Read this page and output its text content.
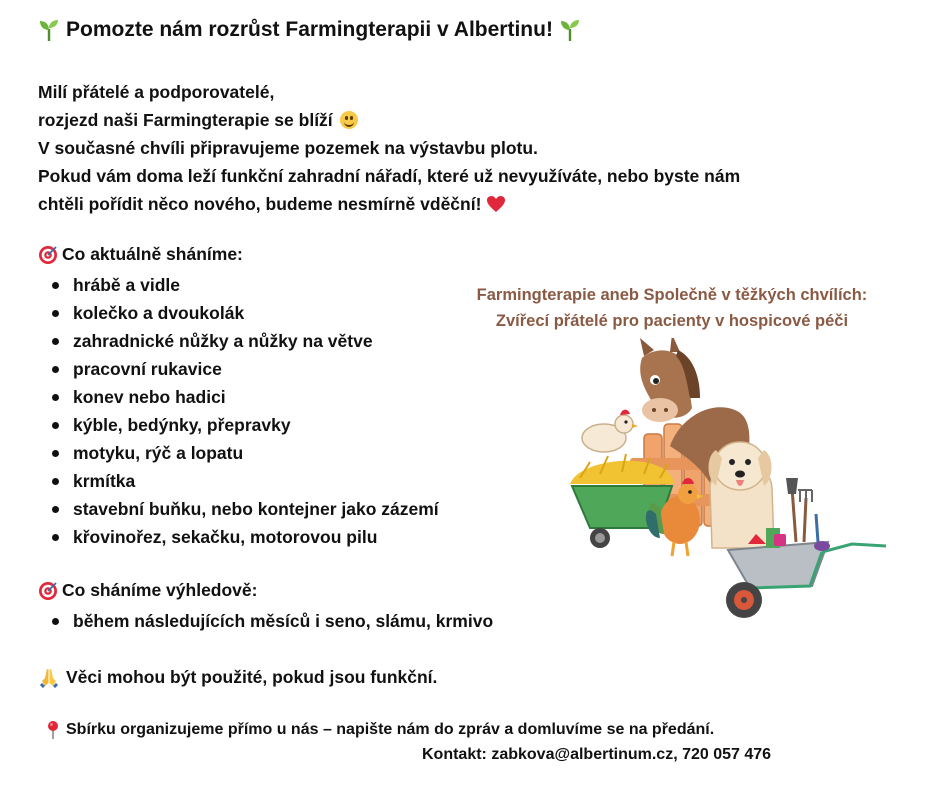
Pomozte nám rozrůst Farmingterapii v Albertinu!
Milí přátelé a podporovatelé,
rozjezd naši Farmingterapie se blíží
V současné chvíli připravujeme pozemek na výstavbu plotu.
Pokud vám doma leží funkční zahradní nářadí, které už nevyužíváte, nebo byste nám
chtěli pořídit něco nového, budeme nesmírně vděční!
Co aktuálně sháníme:
hrábě a vidle
kolečko a dvoukolák
zahradnické nůžky a nůžky na větve
pracovní rukavice
konev nebo hadici
kýble, bedýnky, přepravky
motyku, rýč a lopatu
krmítka
stavební buňku, nebo kontejner jako zázemí
křovinořez, sekačku, motorovou pilu
Co sháníme výhledově:
během následujících měsíců i seno, slámu, krmivo
Věci mohou být použité, pokud jsou funkční.
Sbírku organizujeme přímo u nás – napište nám do zpráv a domluvíme se na předání.
Kontakt: zabkova@albertinum.cz, 720 057 476
Farmingterapie aneb Společně v těžkých chvílích:
Zvířecí přátelé pro pacienty v hospicové péči
